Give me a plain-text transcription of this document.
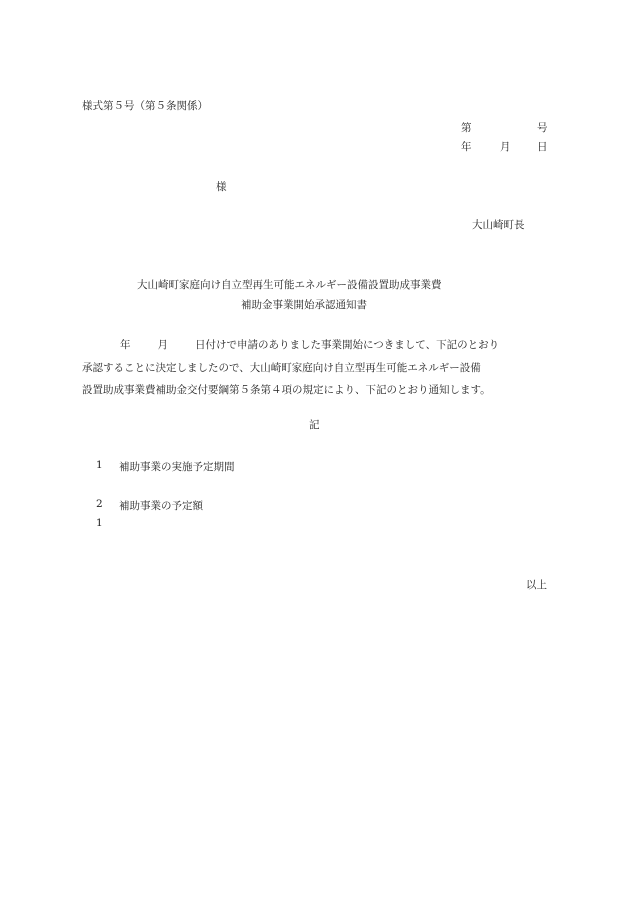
様式第５号（第５条関係）
第	号
年	月	日
様
大山崎町長
大山崎町家庭向け自立型再生可能エネルギー設備設置助成事業費
補助金事業開始承認通知書
年	月	日付けで申請のありました事業開始につきまして、下記のとおり
承認することに決定しましたので、大山崎町家庭向け自立型再生可能エネルギー設備
設置助成事業費補助金交付要綱第５条第４項の規定により、下記のとおり通知します。
記
1 補助事業の実施予定期間
2 補助事業の予定額
1
以上
